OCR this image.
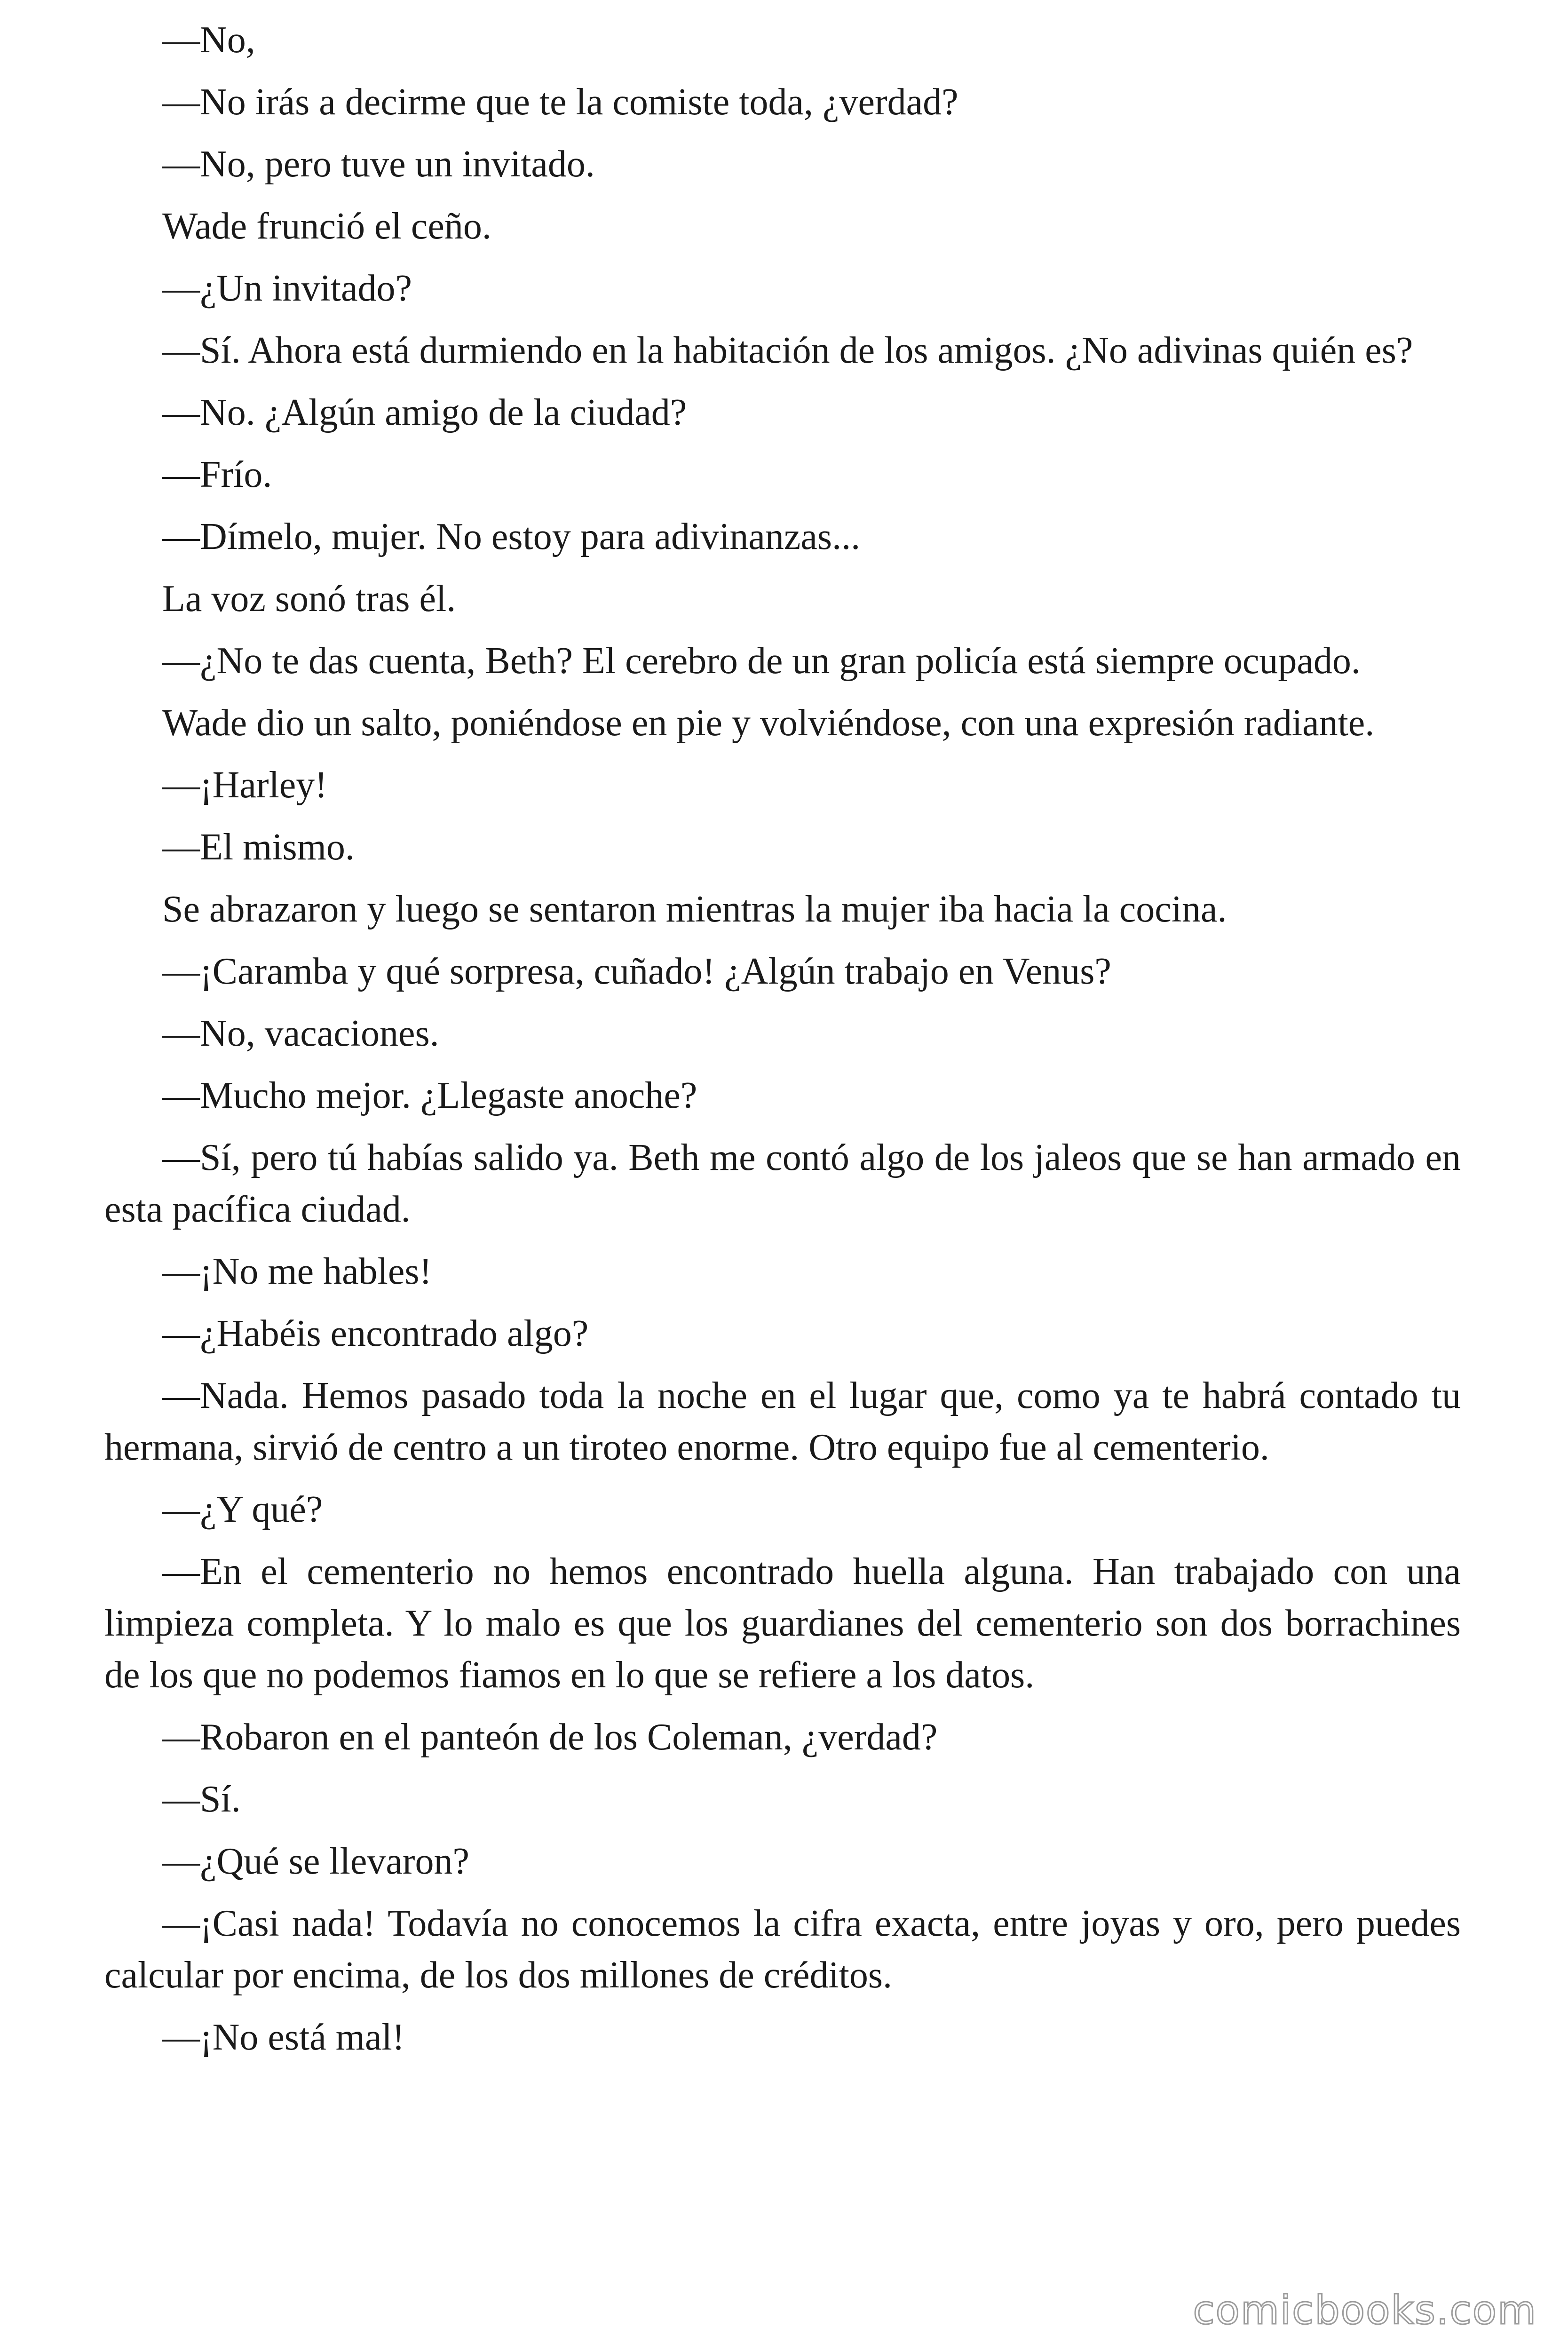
—No,

—No irás a decirme que te la comiste toda, ¿verdad?

—No, pero tuve un invitado.

Wade frunció el ceño.

—¿Un invitado?

—Sí. Ahora está durmiendo en la habitación de los amigos. ¿No adivinas quién es?

—No. ¿Algún amigo de la ciudad?

—Frío.

—Dímelo, mujer. No estoy para adivinanzas...

La voz sonó tras él.

—¿No te das cuenta, Beth? El cerebro de un gran policía está siempre ocupado.

Wade dio un salto, poniéndose en pie y volviéndose, con una expresión radiante.

—¡Harley!

—El mismo.

Se abrazaron y luego se sentaron mientras la mujer iba hacia la cocina.

—¡Caramba y qué sorpresa, cuñado! ¿Algún trabajo en Venus?

—No, vacaciones.

—Mucho mejor. ¿Llegaste anoche?

—Sí, pero tú habías salido ya. Beth me contó algo de los jaleos que se han armado en esta pacífica ciudad.

—¡No me hables!

—¿Habéis encontrado algo?

—Nada. Hemos pasado toda la noche en el lugar que, como ya te habrá contado tu hermana, sirvió de centro a un tiroteo enorme. Otro equipo fue al cementerio.

—¿Y qué?

—En el cementerio no hemos encontrado huella alguna. Han trabajado con una limpieza completa. Y lo malo es que los guardianes del cementerio son dos borrachines de los que no podemos fiamos en lo que se refiere a los datos.

—Robaron en el panteón de los Coleman, ¿verdad?

—Sí.

—¿Qué se llevaron?

—¡Casi nada! Todavía no conocemos la cifra exacta, entre joyas y oro, pero puedes calcular por encima, de los dos millones de créditos.

—¡No está mal!

comicbooks.com
